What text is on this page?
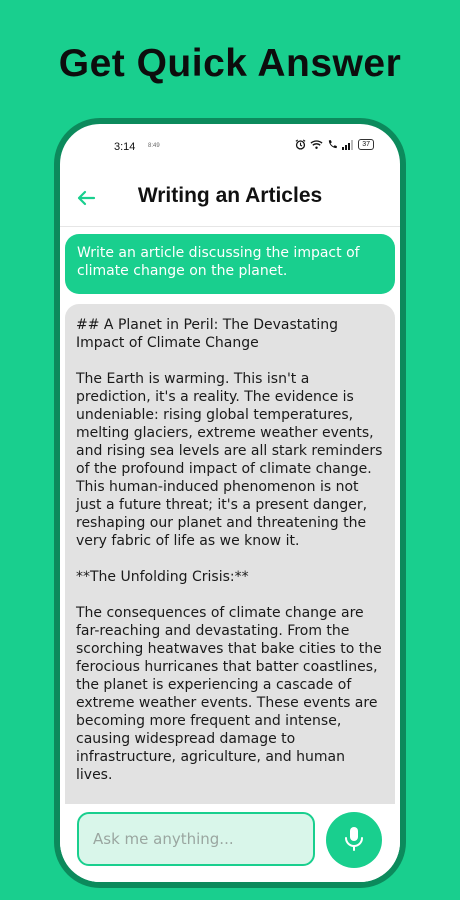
Get Quick Answer
3:14 8:49	37
Writing an Articles
Write an article discussing the impact of climate change on the planet.

## A Planet in Peril: The Devastating Impact of Climate Change

The Earth is warming. This isn't a prediction, it's a reality. The evidence is undeniable: rising global temperatures, melting glaciers, extreme weather events, and rising sea levels are all stark reminders of the profound impact of climate change. This human-induced phenomenon is not just a future threat; it's a present danger, reshaping our planet and threatening the very fabric of life as we know it.

**The Unfolding Crisis:**

The consequences of climate change are far-reaching and devastating. From the scorching heatwaves that bake cities to the ferocious hurricanes that batter coastlines, the planet is experiencing a cascade of extreme weather events. These events are becoming more frequent and intense, causing widespread damage to infrastructure, agriculture, and human lives.

Ask me anything...
